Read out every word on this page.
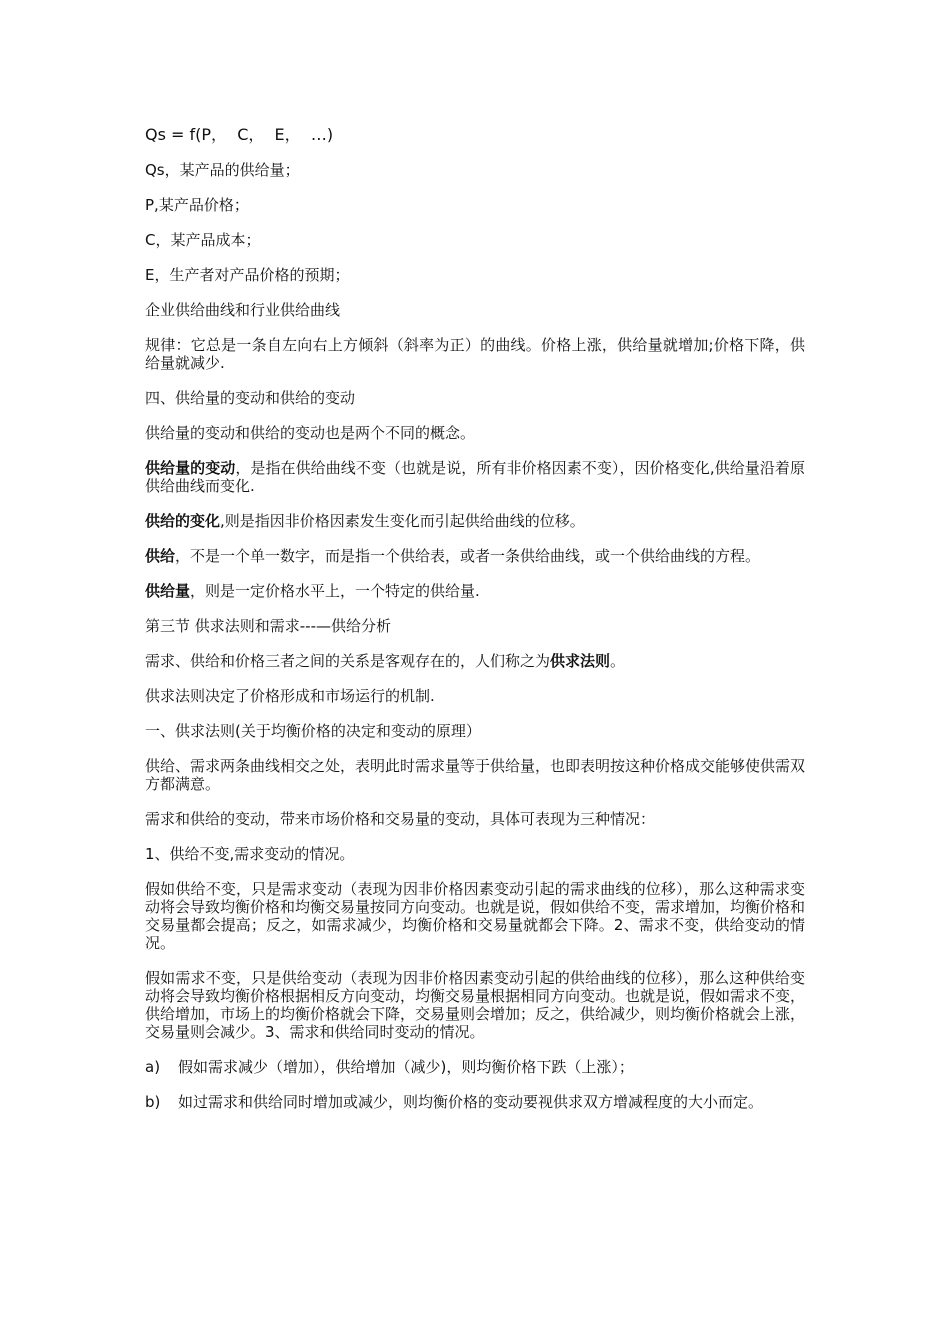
Qs = f(P，  C，  E，  …)
Qs，某产品的供给量；
P,某产品价格；
C，某产品成本；
E，生产者对产品价格的预期；
企业供给曲线和行业供给曲线
规律：它总是一条自左向右上方倾斜（斜率为正）的曲线。价格上涨，供给量就增加;价格下降，供给量就减少.
四、供给量的变动和供给的变动
供给量的变动和供给的变动也是两个不同的概念。
供给量的变动，是指在供给曲线不变（也就是说，所有非价格因素不变），因价格变化,供给量沿着原供给曲线而变化.
供给的变化,则是指因非价格因素发生变化而引起供给曲线的位移。
供给，不是一个单一数字，而是指一个供给表，或者一条供给曲线，或一个供给曲线的方程。
供给量，则是一定价格水平上，一个特定的供给量.
第三节 供求法则和需求---—供给分析
需求、供给和价格三者之间的关系是客观存在的，人们称之为供求法则。
供求法则决定了价格形成和市场运行的机制.
一、供求法则(关于均衡价格的决定和变动的原理）
供给、需求两条曲线相交之处，表明此时需求量等于供给量，也即表明按这种价格成交能够使供需双方都满意。
需求和供给的变动，带来市场价格和交易量的变动，具体可表现为三种情况：
1、供给不变,需求变动的情况。
假如供给不变，只是需求变动（表现为因非价格因素变动引起的需求曲线的位移），那么这种需求变动将会导致均衡价格和均衡交易量按同方向变动。也就是说，假如供给不变，需求增加，均衡价格和交易量都会提高；反之，如需求减少，均衡价格和交易量就都会下降。2、需求不变，供给变动的情况。
假如需求不变，只是供给变动（表现为因非价格因素变动引起的供给曲线的位移），那么这种供给变动将会导致均衡价格根据相反方向变动，均衡交易量根据相同方向变动。也就是说，假如需求不变，供给增加，市场上的均衡价格就会下降，交易量则会增加；反之，供给减少，则均衡价格就会上涨，交易量则会减少。3、需求和供给同时变动的情况。
a)	假如需求减少（增加），供给增加（减少)，则均衡价格下跌（上涨）；
b)	如过需求和供给同时增加或减少，则均衡价格的变动要视供求双方增减程度的大小而定。
